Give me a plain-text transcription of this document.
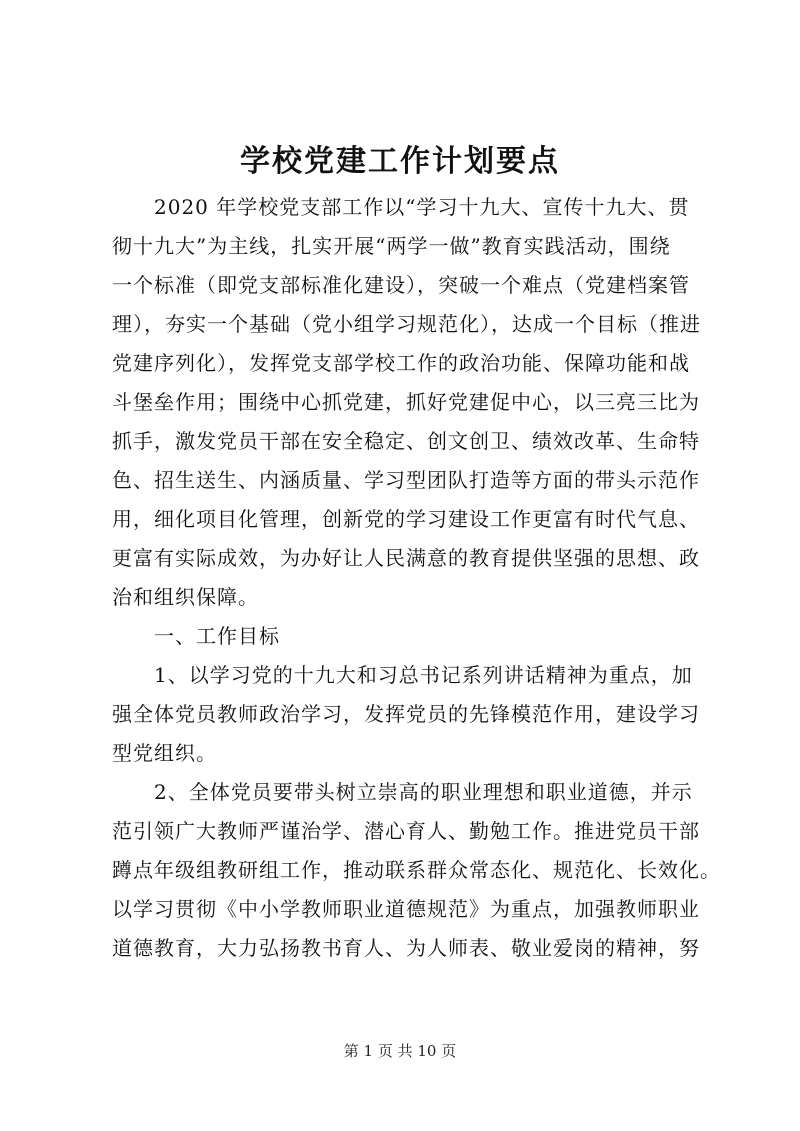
学校党建工作计划要点
　　2020 年学校党支部工作以“学习十九大、宣传十九大、贯
彻十九大”为主线，扎实开展“两学一做”教育实践活动，围绕
一个标准（即党支部标准化建设），突破一个难点（党建档案管
理），夯实一个基础（党小组学习规范化），达成一个目标（推进
党建序列化），发挥党支部学校工作的政治功能、保障功能和战
斗堡垒作用；围绕中心抓党建，抓好党建促中心，以三亮三比为
抓手，激发党员干部在安全稳定、创文创卫、绩效改革、生命特
色、招生送生、内涵质量、学习型团队打造等方面的带头示范作
用，细化项目化管理，创新党的学习建设工作更富有时代气息、
更富有实际成效，为办好让人民满意的教育提供坚强的思想、政
治和组织保障。
　　一、工作目标
　　1、以学习党的十九大和习总书记系列讲话精神为重点，加
强全体党员教师政治学习，发挥党员的先锋模范作用，建设学习
型党组织。
　　2、全体党员要带头树立崇高的职业理想和职业道德，并示
范引领广大教师严谨治学、潜心育人、勤勉工作。推进党员干部
蹲点年级组教研组工作，推动联系群众常态化、规范化、长效化。
以学习贯彻《中小学教师职业道德规范》为重点，加强教师职业
道德教育，大力弘扬教书育人、为人师表、敬业爱岗的精神，努
第 1 页 共 10 页
